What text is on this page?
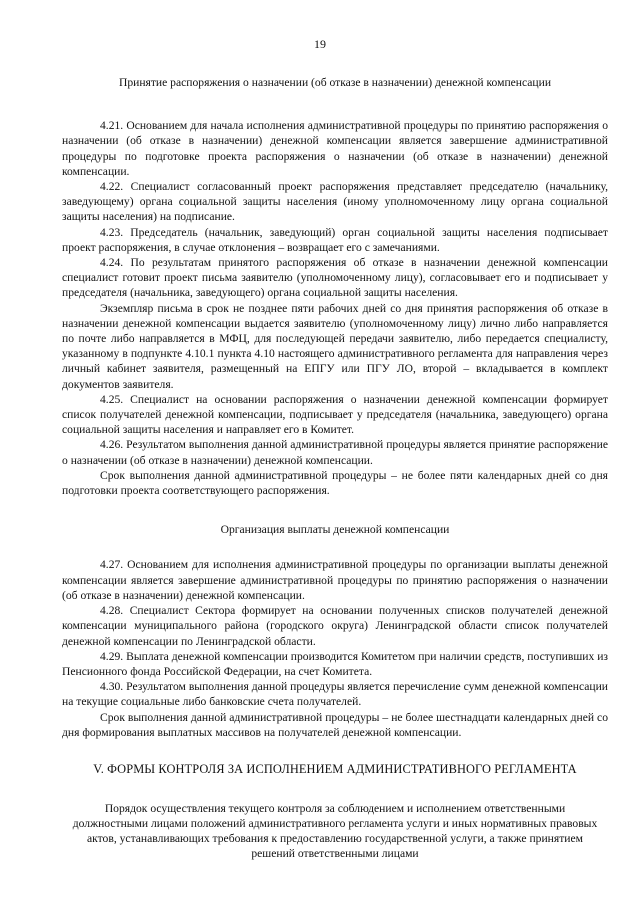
19

Принятие распоряжения о назначении (об отказе в назначении) денежной компенсации

4.21. Основанием для начала исполнения административной процедуры по принятию распоряжения о назначении (об отказе в назначении) денежной компенсации является завершение административной процедуры по подготовке проекта распоряжения о назначении (об отказе в назначении) денежной компенсации.

4.22. Специалист согласованный проект распоряжения представляет председателю (начальнику, заведующему) органа социальной защиты населения (иному уполномоченному лицу органа социальной защиты населения) на подписание.

4.23. Председатель (начальник, заведующий) орган социальной защиты населения подписывает проект распоряжения, в случае отклонения – возвращает его с замечаниями.

4.24. По результатам принятого распоряжения об отказе в назначении денежной компенсации специалист готовит проект письма заявителю (уполномоченному лицу), согласовывает его и подписывает у председателя (начальника, заведующего) органа социальной защиты населения.

Экземпляр письма в срок не позднее пяти рабочих дней со дня принятия распоряжения об отказе в назначении денежной компенсации выдается заявителю (уполномоченному лицу) лично либо направляется по почте либо направляется в МФЦ, для последующей передачи заявителю, либо передается специалисту, указанному в подпункте 4.10.1 пункта 4.10 настоящего административного регламента для направления через личный кабинет заявителя, размещенный на ЕПГУ или ПГУ ЛО, второй – вкладывается в комплект документов заявителя.

4.25. Специалист на основании распоряжения о назначении денежной компенсации формирует список получателей денежной компенсации, подписывает у председателя (начальника, заведующего) органа социальной защиты населения и направляет его в Комитет.

4.26. Результатом выполнения данной административной процедуры является принятие распоряжение о назначении (об отказе в назначении) денежной компенсации.

Срок выполнения данной административной процедуры – не более пяти календарных дней со дня подготовки проекта соответствующего распоряжения.

Организация выплаты денежной компенсации

4.27. Основанием для исполнения административной процедуры по организации выплаты денежной компенсации является завершение административной процедуры по принятию распоряжения о назначении (об отказе в назначении) денежной компенсации.

4.28. Специалист Сектора формирует на основании полученных списков получателей денежной компенсации муниципального района (городского округа) Ленинградской области список получателей денежной компенсации по Ленинградской области.

4.29. Выплата денежной компенсации производится Комитетом при наличии средств, поступивших из Пенсионного фонда Российской Федерации, на счет Комитета.

4.30. Результатом выполнения данной процедуры является перечисление сумм денежной компенсации на текущие социальные либо банковские счета получателей.

Срок выполнения данной административной процедуры – не более шестнадцати календарных дней со дня формирования выплатных массивов на получателей денежной компенсации.

V. ФОРМЫ КОНТРОЛЯ ЗА ИСПОЛНЕНИЕМ АДМИНИСТРАТИВНОГО РЕГЛАМЕНТА

Порядок осуществления текущего контроля за соблюдением и исполнением ответственными должностными лицами положений административного регламента услуги и иных нормативных правовых актов, устанавливающих требования к предоставлению государственной услуги, а также принятием решений ответственными лицами
